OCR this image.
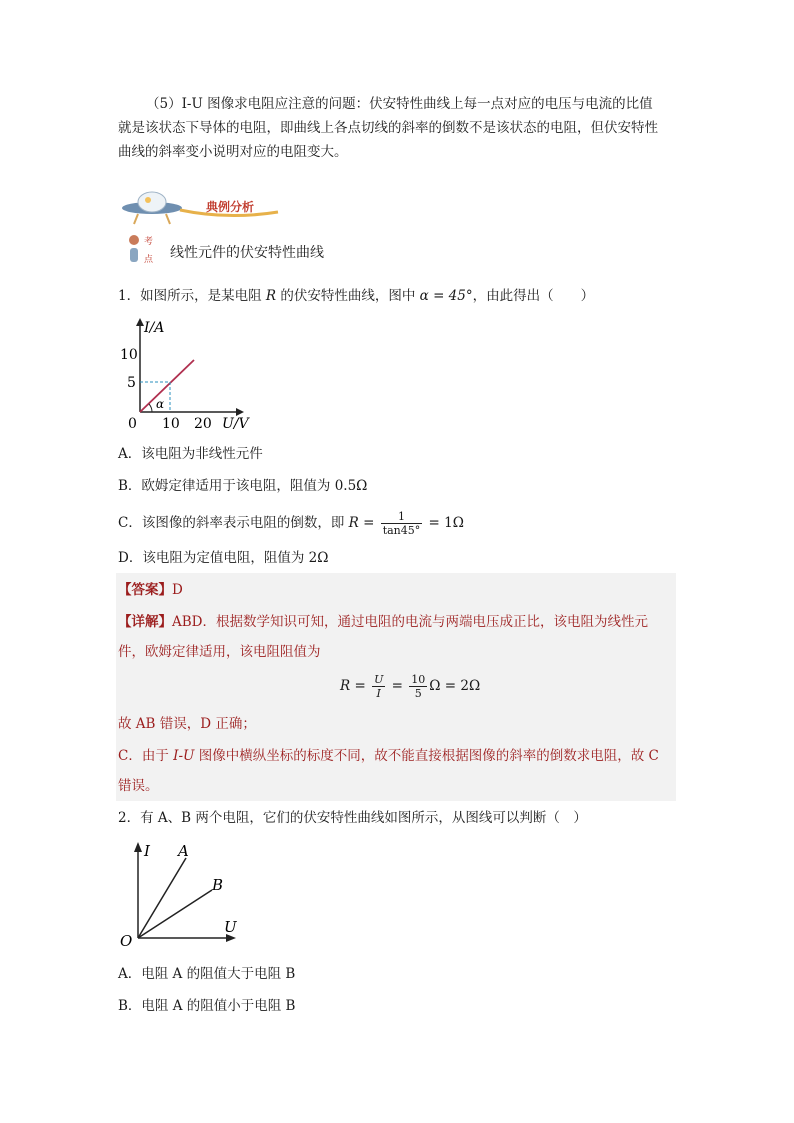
（5）I-U 图像求电阻应注意的问题：伏安特性曲线上每一点对应的电压与电流的比值
就是该状态下导体的电阻，即曲线上各点切线的斜率的倒数不是该状态的电阻，但伏安特性
曲线的斜率变小说明对应的电阻变大。
典例分析
考
点 线性元件的伏安特性曲线
1．如图所示，是某电阻 R 的伏安特性曲线，图中 α = 45°，由此得出（　　）
α
I/A
U/V
0
10
5
10 20
A．该电阻为非线性元件
B．欧姆定律适用于该电阻，阻值为 0.5Ω
C．该图像的斜率表示电阻的倒数，即 $R = \frac{1}{\tan 45^\circ} = 1\Omega$
D．该电阻为定值电阻，阻值为 2Ω
【答案】D
【详解】ABD．根据数学知识可知，通过电阻的电流与两端电压成正比，该电阻为线性元
件，欧姆定律适用，该电阻阻值为
$R = \frac{U}{I} = \frac{10}{5}$ Ω = 2Ω
故 AB 错误，D 正确；
C．由于 I-U 图像中横纵坐标的标度不同，故不能直接根据图像的斜率的倒数求电阻，故 C
错误。
2．有 A、B 两个电阻，它们的伏安特性曲线如图所示，从图线可以判断（　）
I
U
O
A
B
A．电阻 A 的阻值大于电阻 B
B．电阻 A 的阻值小于电阻 B
